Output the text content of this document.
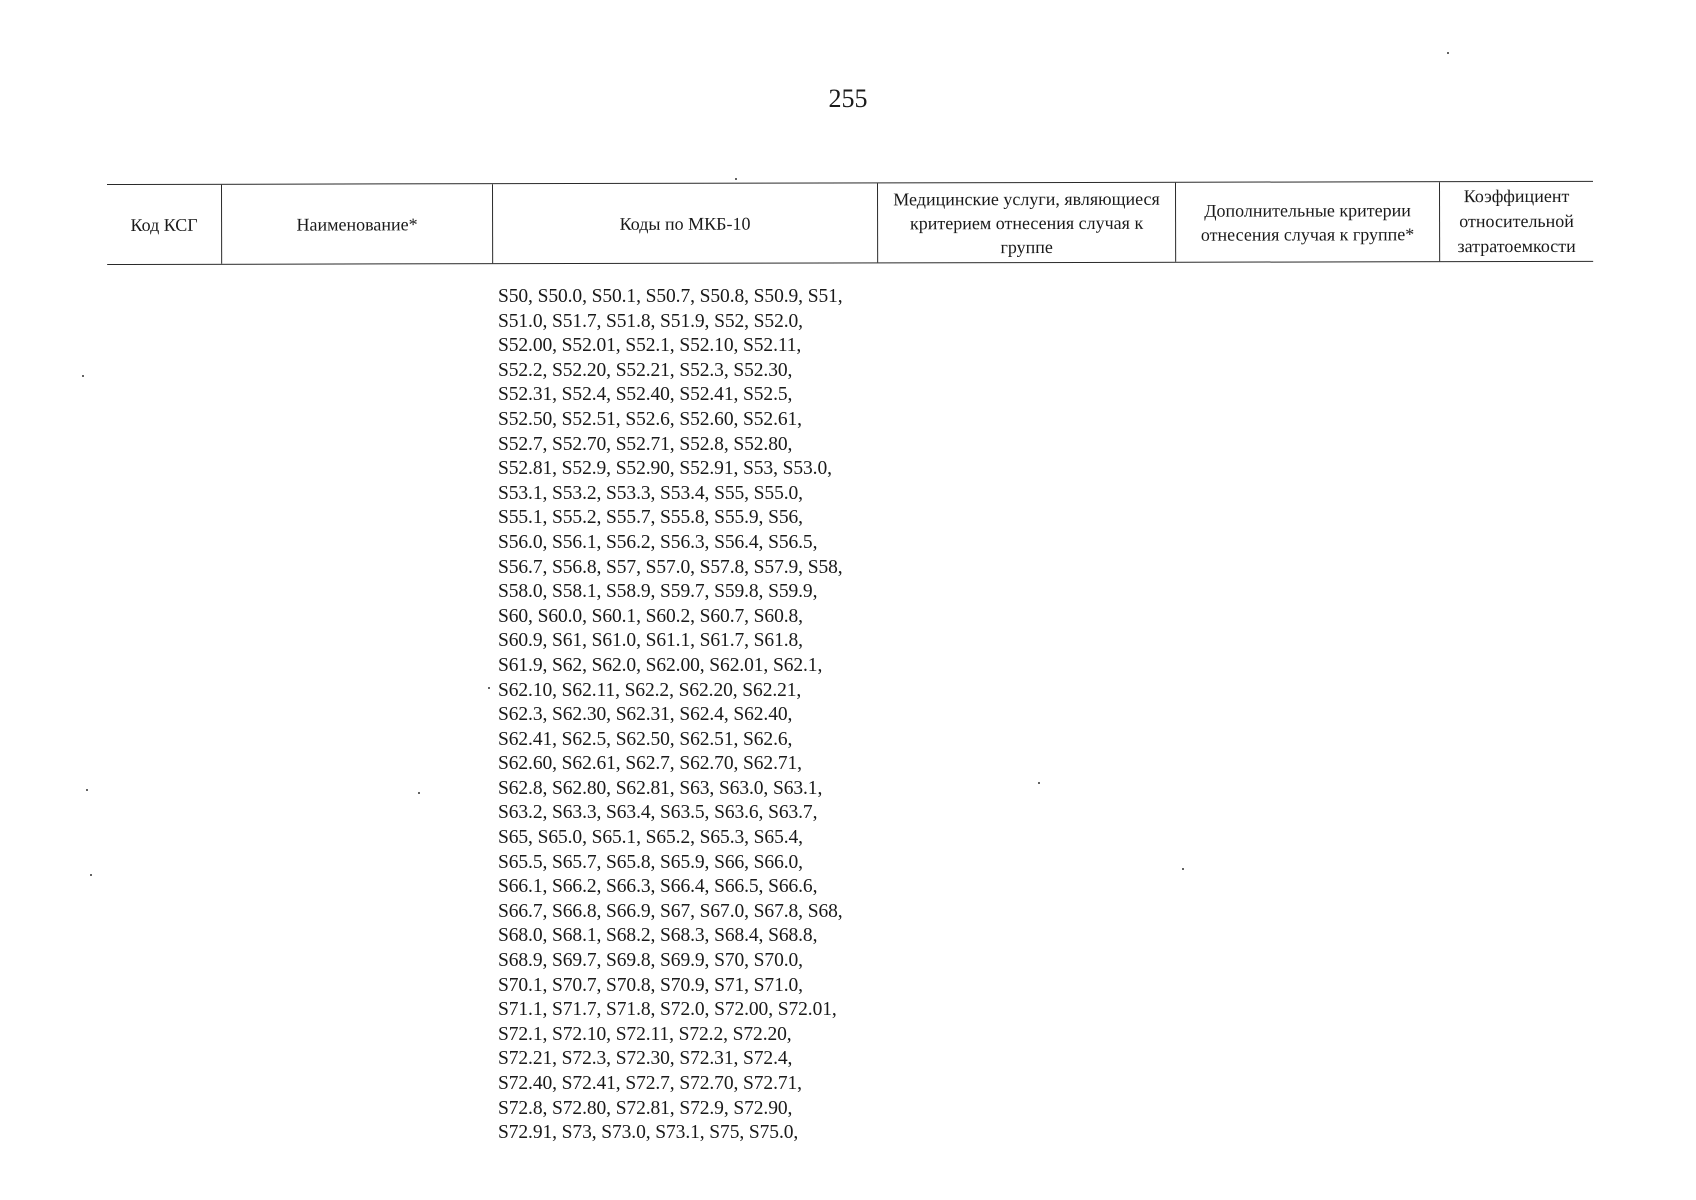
255
Код КСГ	Наименование*	Коды по МКБ-10
Медицинские услуги, являющиеся критерием отнесения случая к группе
Дополнительные критерии отнесения случая к группе*
Коэффициент относительной затратоемкости
S50, S50.0, S50.1, S50.7, S50.8, S50.9, S51,
S51.0, S51.7, S51.8, S51.9, S52, S52.0,
S52.00, S52.01, S52.1, S52.10, S52.11,
S52.2, S52.20, S52.21, S52.3, S52.30,
S52.31, S52.4, S52.40, S52.41, S52.5,
S52.50, S52.51, S52.6, S52.60, S52.61,
S52.7, S52.70, S52.71, S52.8, S52.80,
S52.81, S52.9, S52.90, S52.91, S53, S53.0,
S53.1, S53.2, S53.3, S53.4, S55, S55.0,
S55.1, S55.2, S55.7, S55.8, S55.9, S56,
S56.0, S56.1, S56.2, S56.3, S56.4, S56.5,
S56.7, S56.8, S57, S57.0, S57.8, S57.9, S58,
S58.0, S58.1, S58.9, S59.7, S59.8, S59.9,
S60, S60.0, S60.1, S60.2, S60.7, S60.8,
S60.9, S61, S61.0, S61.1, S61.7, S61.8,
S61.9, S62, S62.0, S62.00, S62.01, S62.1,
S62.10, S62.11, S62.2, S62.20, S62.21,
S62.3, S62.30, S62.31, S62.4, S62.40,
S62.41, S62.5, S62.50, S62.51, S62.6,
S62.60, S62.61, S62.7, S62.70, S62.71,
S62.8, S62.80, S62.81, S63, S63.0, S63.1,
S63.2, S63.3, S63.4, S63.5, S63.6, S63.7,
S65, S65.0, S65.1, S65.2, S65.3, S65.4,
S65.5, S65.7, S65.8, S65.9, S66, S66.0,
S66.1, S66.2, S66.3, S66.4, S66.5, S66.6,
S66.7, S66.8, S66.9, S67, S67.0, S67.8, S68,
S68.0, S68.1, S68.2, S68.3, S68.4, S68.8,
S68.9, S69.7, S69.8, S69.9, S70, S70.0,
S70.1, S70.7, S70.8, S70.9, S71, S71.0,
S71.1, S71.7, S71.8, S72.0, S72.00, S72.01,
S72.1, S72.10, S72.11, S72.2, S72.20,
S72.21, S72.3, S72.30, S72.31, S72.4,
S72.40, S72.41, S72.7, S72.70, S72.71,
S72.8, S72.80, S72.81, S72.9, S72.90,
S72.91, S73, S73.0, S73.1, S75, S75.0,
